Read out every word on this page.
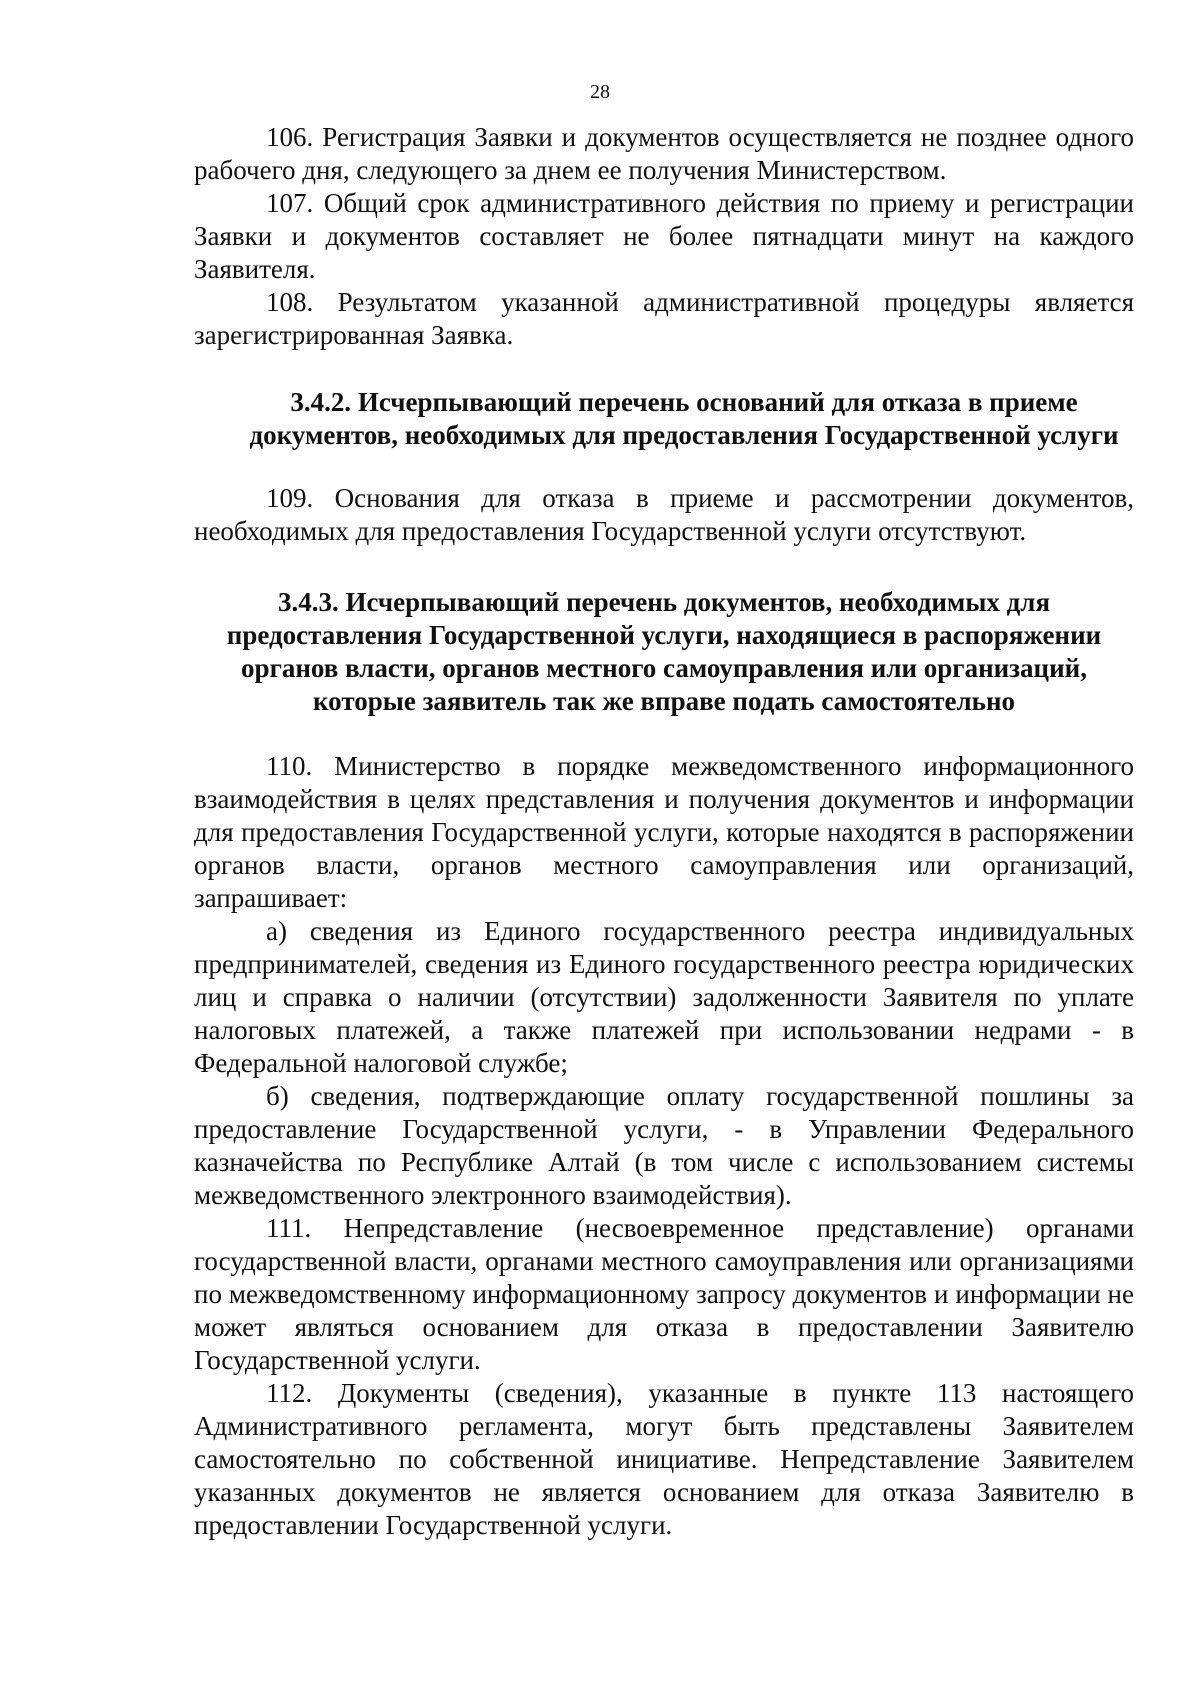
28

106. Регистрация Заявки и документов осуществляется не позднее одного рабочего дня, следующего за днем ее получения Министерством.

107. Общий срок административного действия по приему и регистрации Заявки и документов составляет не более пятнадцати минут на каждого Заявителя.

108. Результатом указанной административной процедуры является зарегистрированная Заявка.

3.4.2. Исчерпывающий перечень оснований для отказа в приеме документов, необходимых для предоставления Государственной услуги

109. Основания для отказа в приеме и рассмотрении документов, необходимых для предоставления Государственной услуги отсутствуют.

3.4.3. Исчерпывающий перечень документов, необходимых для предоставления Государственной услуги, находящиеся в распоряжении органов власти, органов местного самоуправления или организаций, которые заявитель так же вправе подать самостоятельно

110. Министерство в порядке межведомственного информационного взаимодействия в целях представления и получения документов и информации для предоставления Государственной услуги, которые находятся в распоряжении органов власти, органов местного самоуправления или организаций, запрашивает:

а) сведения из Единого государственного реестра индивидуальных предпринимателей, сведения из Единого государственного реестра юридических лиц и справка о наличии (отсутствии) задолженности Заявителя по уплате налоговых платежей, а также платежей при использовании недрами - в Федеральной налоговой службе;

б) сведения, подтверждающие оплату государственной пошлины за предоставление Государственной услуги, - в Управлении Федерального казначейства по Республике Алтай (в том числе с использованием системы межведомственного электронного взаимодействия).

111. Непредставление (несвоевременное представление) органами государственной власти, органами местного самоуправления или организациями по межведомственному информационному запросу документов и информации не может являться основанием для отказа в предоставлении Заявителю Государственной услуги.

112. Документы (сведения), указанные в пункте 113 настоящего Административного регламента, могут быть представлены Заявителем самостоятельно по собственной инициативе. Непредставление Заявителем указанных документов не является основанием для отказа Заявителю в предоставлении Государственной услуги.
